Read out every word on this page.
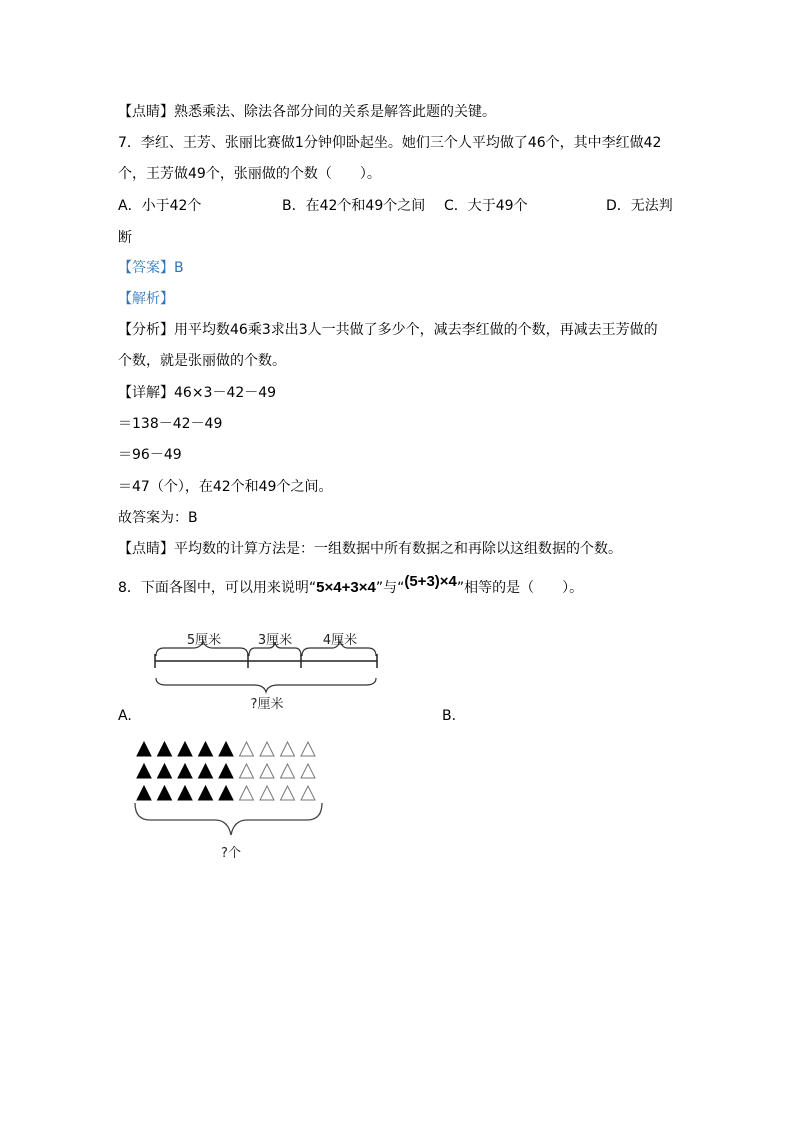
【点睛】熟悉乘法、除法各部分间的关系是解答此题的关键。
7．李红、王芳、张丽比赛做1分钟仰卧起坐。她们三个人平均做了46个，其中李红做42
个，王芳做49个，张丽做的个数（　　）。
A．小于42个	B．在42个和49个之间 C．大于49个	D．无法判
断
【答案】B
【解析】
【分析】用平均数46乘3求出3人一共做了多少个，减去李红做的个数，再减去王芳做的
个数，就是张丽做的个数。
【详解】46×3－42－49
＝138－42－49
＝96－49
＝47（个），在42个和49个之间。
故答案为：B
【点睛】平均数的计算方法是：一组数据中所有数据之和再除以这组数据的个数。
8．下面各图中，可以用来说明“5×4+3×4”与“(5+3)×4”相等的是（　　）。
5厘米	3厘米 4厘米
?厘米
A.	B.
?个
